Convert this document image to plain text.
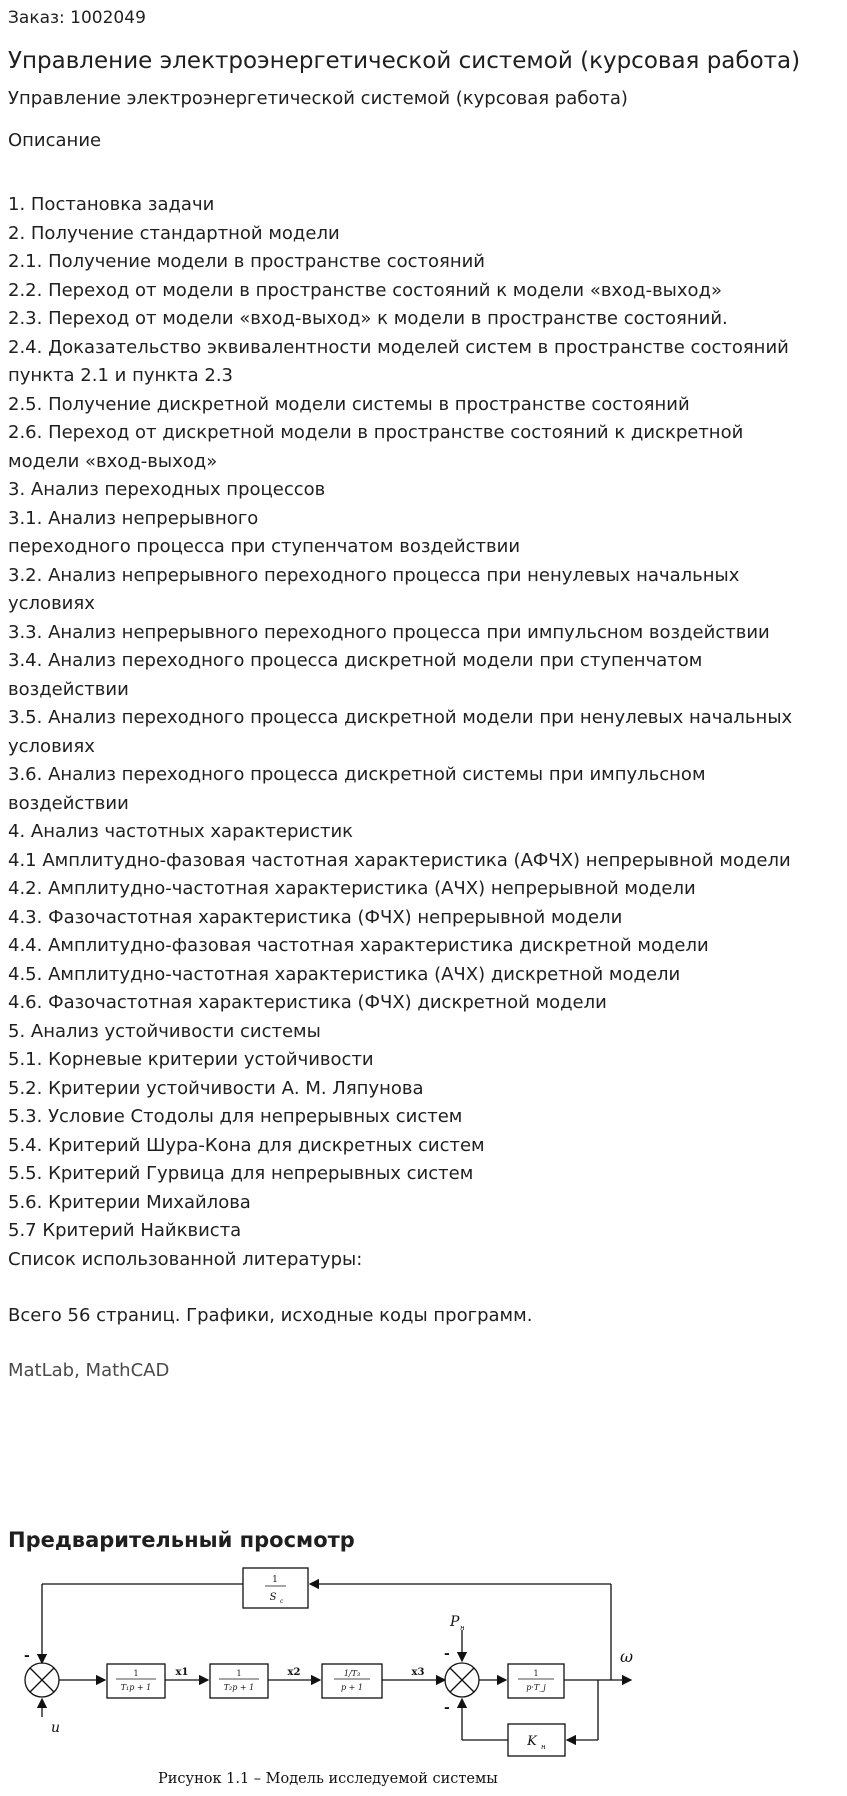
Заказ: 1002049
Управление электроэнергетической системой (курсовая работа)
Управление электроэнергетической системой (курсовая работа)
Описание
1. Постановка задачи
2. Получение стандартной модели
2.1. Получение модели в пространстве состояний
2.2. Переход от модели в пространстве состояний к модели «вход-выход»
2.3. Переход от модели «вход-выход» к модели в пространстве состояний.
2.4. Доказательство эквивалентности моделей систем в пространстве состояний
пункта 2.1 и пункта 2.3
2.5. Получение дискретной модели системы в пространстве состояний
2.6. Переход от дискретной модели в пространстве состояний к дискретной
модели «вход-выход»
3. Анализ переходных процессов
3.1. Анализ непрерывного
переходного процесса при ступенчатом воздействии
3.2. Анализ непрерывного переходного процесса при ненулевых начальных
условиях
3.3. Анализ непрерывного переходного процесса при импульсном воздействии
3.4. Анализ переходного процесса дискретной модели при ступенчатом
воздействии
3.5. Анализ переходного процесса дискретной модели при ненулевых начальных
условиях
3.6. Анализ переходного процесса дискретной системы при импульсном
воздействии
4. Анализ частотных характеристик
4.1 Амплитудно-фазовая частотная характеристика (АФЧХ) непрерывной модели
4.2. Амплитудно-частотная характеристика (АЧХ) непрерывной модели
4.3. Фазочастотная характеристика (ФЧХ) непрерывной модели
4.4. Амплитудно-фазовая частотная характеристика дискретной модели
4.5. Амплитудно-частотная характеристика (АЧХ) дискретной модели
4.6. Фазочастотная характеристика (ФЧХ) дискретной модели
5. Анализ устойчивости системы
5.1. Корневые критерии устойчивости
5.2. Критерии устойчивости А. М. Ляпунова
5.3. Условие Стодолы для непрерывных систем
5.4. Критерий Шура-Кона для дискретных систем
5.5. Критерий Гурвица для непрерывных систем
5.6. Критерии Михайлова
5.7 Критерий Найквиста
Список использованной литературы:
Всего 56 страниц. Графики, исходные коды программ.
MatLab, MathCAD
Предварительный просмотр
1
S c
1
T₁p + 1
1
T₂p + 1
1/T₃
p + 1
1
p·T_j
K н
x1	x2	x3
u
P н
ω
-	-
-
Рисунок 1.1 – Модель исследуемой системы
